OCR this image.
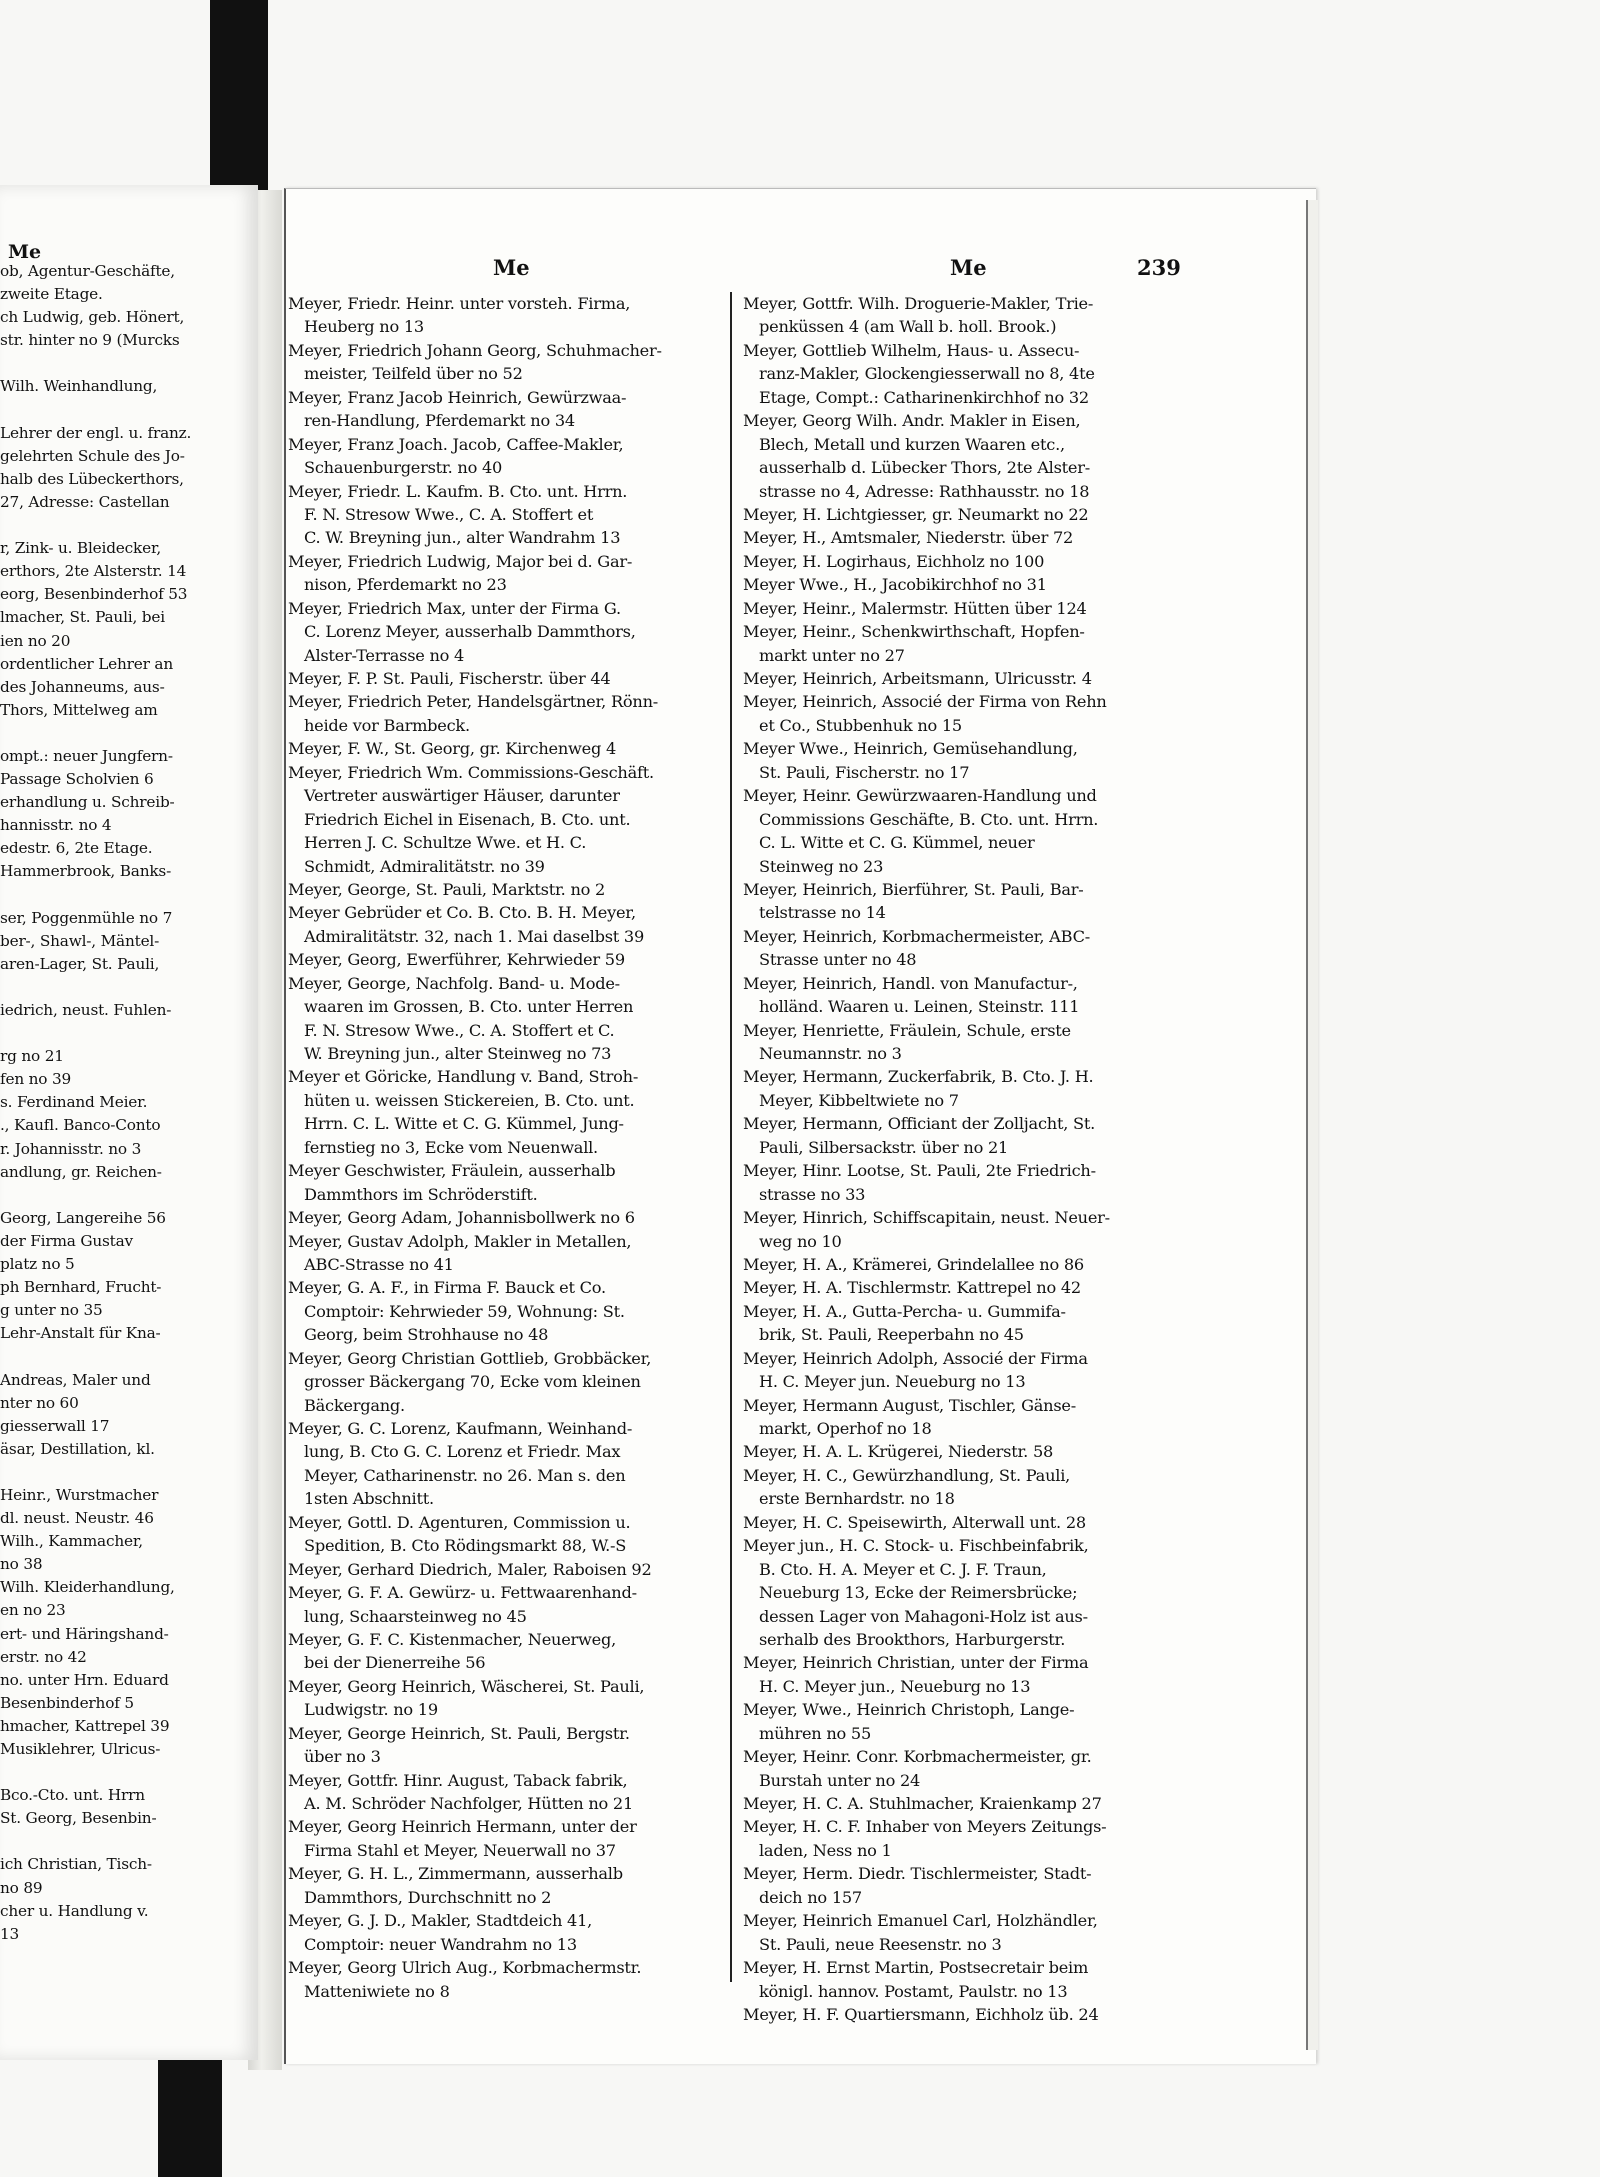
Me
ob, Agentur-Geschäfte,
zweite Etage.
ch Ludwig, geb. Hönert,
str. hinter no 9 (Murcks
Wilh. Weinhandlung,
Lehrer der engl. u. franz.
gelehrten Schule des Jo-
halb des Lübeckerthors,
27, Adresse: Castellan
r, Zink- u. Bleidecker,
erthors, 2te Alsterstr. 14
eorg, Besenbinderhof 53
lmacher, St. Pauli, bei
ien no 20
ordentlicher Lehrer an
des Johanneums, aus-
Thors, Mittelweg am
ompt.: neuer Jungfern-
Passage Scholvien 6
erhandlung u. Schreib-
hannisstr. no 4
edestr. 6, 2te Etage.
Hammerbrook, Banks-
ser, Poggenmühle no 7
ber-, Shawl-, Mäntel-
aren-Lager, St. Pauli,
iedrich, neust. Fuhlen-
rg no 21
fen no 39
s. Ferdinand Meier.
., Kaufl. Banco-Conto
r. Johannisstr. no 3
andlung, gr. Reichen-
Georg, Langereihe 56
der Firma Gustav
platz no 5
ph Bernhard, Frucht-
g unter no 35
Lehr-Anstalt für Kna-
Andreas, Maler und
nter no 60
giesserwall 17
äsar, Destillation, kl.
Heinr., Wurstmacher
dl. neust. Neustr. 46
Wilh., Kammacher,
no 38
Wilh. Kleiderhandlung,
en no 23
ert- und Häringshand-
erstr. no 42
no. unter Hrn. Eduard
Besenbinderhof 5
hmacher, Kattrepel 39
Musiklehrer, Ulricus-
Bco.-Cto. unt. Hrrn
St. Georg, Besenbin-
ich Christian, Tisch-
no 89
cher u. Handlung v.
13
Me	Me	239
Meyer, Friedr. Heinr. unter vorsteh. Firma,
Heuberg no 13
Meyer, Friedrich Johann Georg, Schuhmacher-
meister, Teilfeld über no 52
Meyer, Franz Jacob Heinrich, Gewürzwaa-
ren-Handlung, Pferdemarkt no 34
Meyer, Franz Joach. Jacob, Caffee-Makler,
Schauenburgerstr. no 40
Meyer, Friedr. L. Kaufm. B. Cto. unt. Hrrn.
F. N. Stresow Wwe., C. A. Stoffert et
C. W. Breyning jun., alter Wandrahm 13
Meyer, Friedrich Ludwig, Major bei d. Gar-
nison, Pferdemarkt no 23
Meyer, Friedrich Max, unter der Firma G.
C. Lorenz Meyer, ausserhalb Dammthors,
Alster-Terrasse no 4
Meyer, F. P. St. Pauli, Fischerstr. über 44
Meyer, Friedrich Peter, Handelsgärtner, Rönn-
heide vor Barmbeck.
Meyer, F. W., St. Georg, gr. Kirchenweg 4
Meyer, Friedrich Wm. Commissions-Geschäft.
Vertreter auswärtiger Häuser, darunter
Friedrich Eichel in Eisenach, B. Cto. unt.
Herren J. C. Schultze Wwe. et H. C.
Schmidt, Admiralitätstr. no 39
Meyer, George, St. Pauli, Marktstr. no 2
Meyer Gebrüder et Co. B. Cto. B. H. Meyer,
Admiralitätstr. 32, nach 1. Mai daselbst 39
Meyer, Georg, Ewerführer, Kehrwieder 59
Meyer, George, Nachfolg. Band- u. Mode-
waaren im Grossen, B. Cto. unter Herren
F. N. Stresow Wwe., C. A. Stoffert et C.
W. Breyning jun., alter Steinweg no 73
Meyer et Göricke, Handlung v. Band, Stroh-
hüten u. weissen Stickereien, B. Cto. unt.
Hrrn. C. L. Witte et C. G. Kümmel, Jung-
fernstieg no 3, Ecke vom Neuenwall.
Meyer Geschwister, Fräulein, ausserhalb
Dammthors im Schröderstift.
Meyer, Georg Adam, Johannisbollwerk no 6
Meyer, Gustav Adolph, Makler in Metallen,
ABC-Strasse no 41
Meyer, G. A. F., in Firma F. Bauck et Co.
Comptoir: Kehrwieder 59, Wohnung: St.
Georg, beim Strohhause no 48
Meyer, Georg Christian Gottlieb, Grobbäcker,
grosser Bäckergang 70, Ecke vom kleinen
Bäckergang.
Meyer, G. C. Lorenz, Kaufmann, Weinhand-
lung, B. Cto G. C. Lorenz et Friedr. Max
Meyer, Catharinenstr. no 26. Man s. den
1sten Abschnitt.
Meyer, Gottl. D. Agenturen, Commission u.
Spedition, B. Cto Rödingsmarkt 88, W.-S
Meyer, Gerhard Diedrich, Maler, Raboisen 92
Meyer, G. F. A. Gewürz- u. Fettwaarenhand-
lung, Schaarsteinweg no 45
Meyer, G. F. C. Kistenmacher, Neuerweg,
bei der Dienerreihe 56
Meyer, Georg Heinrich, Wäscherei, St. Pauli,
Ludwigstr. no 19
Meyer, George Heinrich, St. Pauli, Bergstr.
über no 3
Meyer, Gottfr. Hinr. August, Taback fabrik,
A. M. Schröder Nachfolger, Hütten no 21
Meyer, Georg Heinrich Hermann, unter der
Firma Stahl et Meyer, Neuerwall no 37
Meyer, G. H. L., Zimmermann, ausserhalb
Dammthors, Durchschnitt no 2
Meyer, G. J. D., Makler, Stadtdeich 41,
Comptoir: neuer Wandrahm no 13
Meyer, Georg Ulrich Aug., Korbmachermstr.
Matteniwiete no 8
Meyer, Gottfr. Wilh. Droguerie-Makler, Trie-
penküssen 4 (am Wall b. holl. Brook.)
Meyer, Gottlieb Wilhelm, Haus- u. Assecu-
ranz-Makler, Glockengiesserwall no 8, 4te
Etage, Compt.: Catharinenkirchhof no 32
Meyer, Georg Wilh. Andr. Makler in Eisen,
Blech, Metall und kurzen Waaren etc.,
ausserhalb d. Lübecker Thors, 2te Alster-
strasse no 4, Adresse: Rathhausstr. no 18
Meyer, H. Lichtgiesser, gr. Neumarkt no 22
Meyer, H., Amtsmaler, Niederstr. über 72
Meyer, H. Logirhaus, Eichholz no 100
Meyer Wwe., H., Jacobikirchhof no 31
Meyer, Heinr., Malermstr. Hütten über 124
Meyer, Heinr., Schenkwirthschaft, Hopfen-
markt unter no 27
Meyer, Heinrich, Arbeitsmann, Ulricusstr. 4
Meyer, Heinrich, Associé der Firma von Rehn
et Co., Stubbenhuk no 15
Meyer Wwe., Heinrich, Gemüsehandlung,
St. Pauli, Fischerstr. no 17
Meyer, Heinr. Gewürzwaaren-Handlung und
Commissions Geschäfte, B. Cto. unt. Hrrn.
C. L. Witte et C. G. Kümmel, neuer
Steinweg no 23
Meyer, Heinrich, Bierführer, St. Pauli, Bar-
telstrasse no 14
Meyer, Heinrich, Korbmachermeister, ABC-
Strasse unter no 48
Meyer, Heinrich, Handl. von Manufactur-,
holländ. Waaren u. Leinen, Steinstr. 111
Meyer, Henriette, Fräulein, Schule, erste
Neumannstr. no 3
Meyer, Hermann, Zuckerfabrik, B. Cto. J. H.
Meyer, Kibbeltwiete no 7
Meyer, Hermann, Officiant der Zolljacht, St.
Pauli, Silbersackstr. über no 21
Meyer, Hinr. Lootse, St. Pauli, 2te Friedrich-
strasse no 33
Meyer, Hinrich, Schiffscapitain, neust. Neuer-
weg no 10
Meyer, H. A., Krämerei, Grindelallee no 86
Meyer, H. A. Tischlermstr. Kattrepel no 42
Meyer, H. A., Gutta-Percha- u. Gummifa-
brik, St. Pauli, Reeperbahn no 45
Meyer, Heinrich Adolph, Associé der Firma
H. C. Meyer jun. Neueburg no 13
Meyer, Hermann August, Tischler, Gänse-
markt, Operhof no 18
Meyer, H. A. L. Krügerei, Niederstr. 58
Meyer, H. C., Gewürzhandlung, St. Pauli,
erste Bernhardstr. no 18
Meyer, H. C. Speisewirth, Alterwall unt. 28
Meyer jun., H. C. Stock- u. Fischbeinfabrik,
B. Cto. H. A. Meyer et C. J. F. Traun,
Neueburg 13, Ecke der Reimersbrücke;
dessen Lager von Mahagoni-Holz ist aus-
serhalb des Brookthors, Harburgerstr.
Meyer, Heinrich Christian, unter der Firma
H. C. Meyer jun., Neueburg no 13
Meyer, Wwe., Heinrich Christoph, Lange-
mühren no 55
Meyer, Heinr. Conr. Korbmachermeister, gr.
Burstah unter no 24
Meyer, H. C. A. Stuhlmacher, Kraienkamp 27
Meyer, H. C. F. Inhaber von Meyers Zeitungs-
laden, Ness no 1
Meyer, Herm. Diedr. Tischlermeister, Stadt-
deich no 157
Meyer, Heinrich Emanuel Carl, Holzhändler,
St. Pauli, neue Reesenstr. no 3
Meyer, H. Ernst Martin, Postsecretair beim
königl. hannov. Postamt, Paulstr. no 13
Meyer, H. F. Quartiersmann, Eichholz üb. 24
